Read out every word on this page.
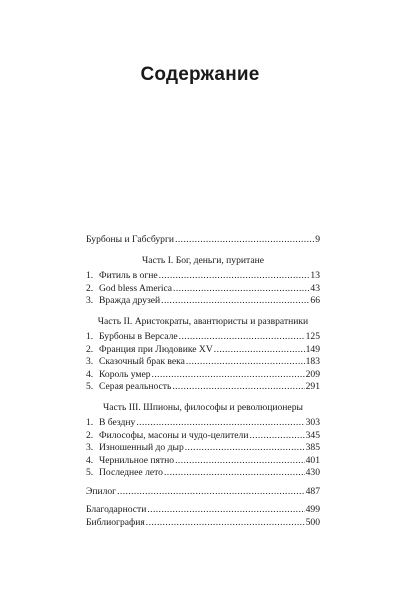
Содержание
Бурбоны и Габсбурги .....	9
Часть I. Бог, деньги, пуритане
1. Фитиль в огне .....	13
2. God bless America .....	43
3. Вражда друзей .....	66
Часть II. Аристократы, авантюристы и развратники
1. Бурбоны в Версале .....	125
2. Франция при Людовике XV .....	149
3. Сказочный брак века .....	183
4. Король умер .....	209
5. Серая реальность .....	291
Часть III. Шпионы, философы и революционеры
1. В бездну .....	303
2. Философы, масоны и чудо-целители .....	345
3. Изношенный до дыр .....	385
4. Чернильное пятно .....	401
5. Последнее лето .....	430
Эпилог .....	487
Благодарности .....	499
Библиография .....	500
